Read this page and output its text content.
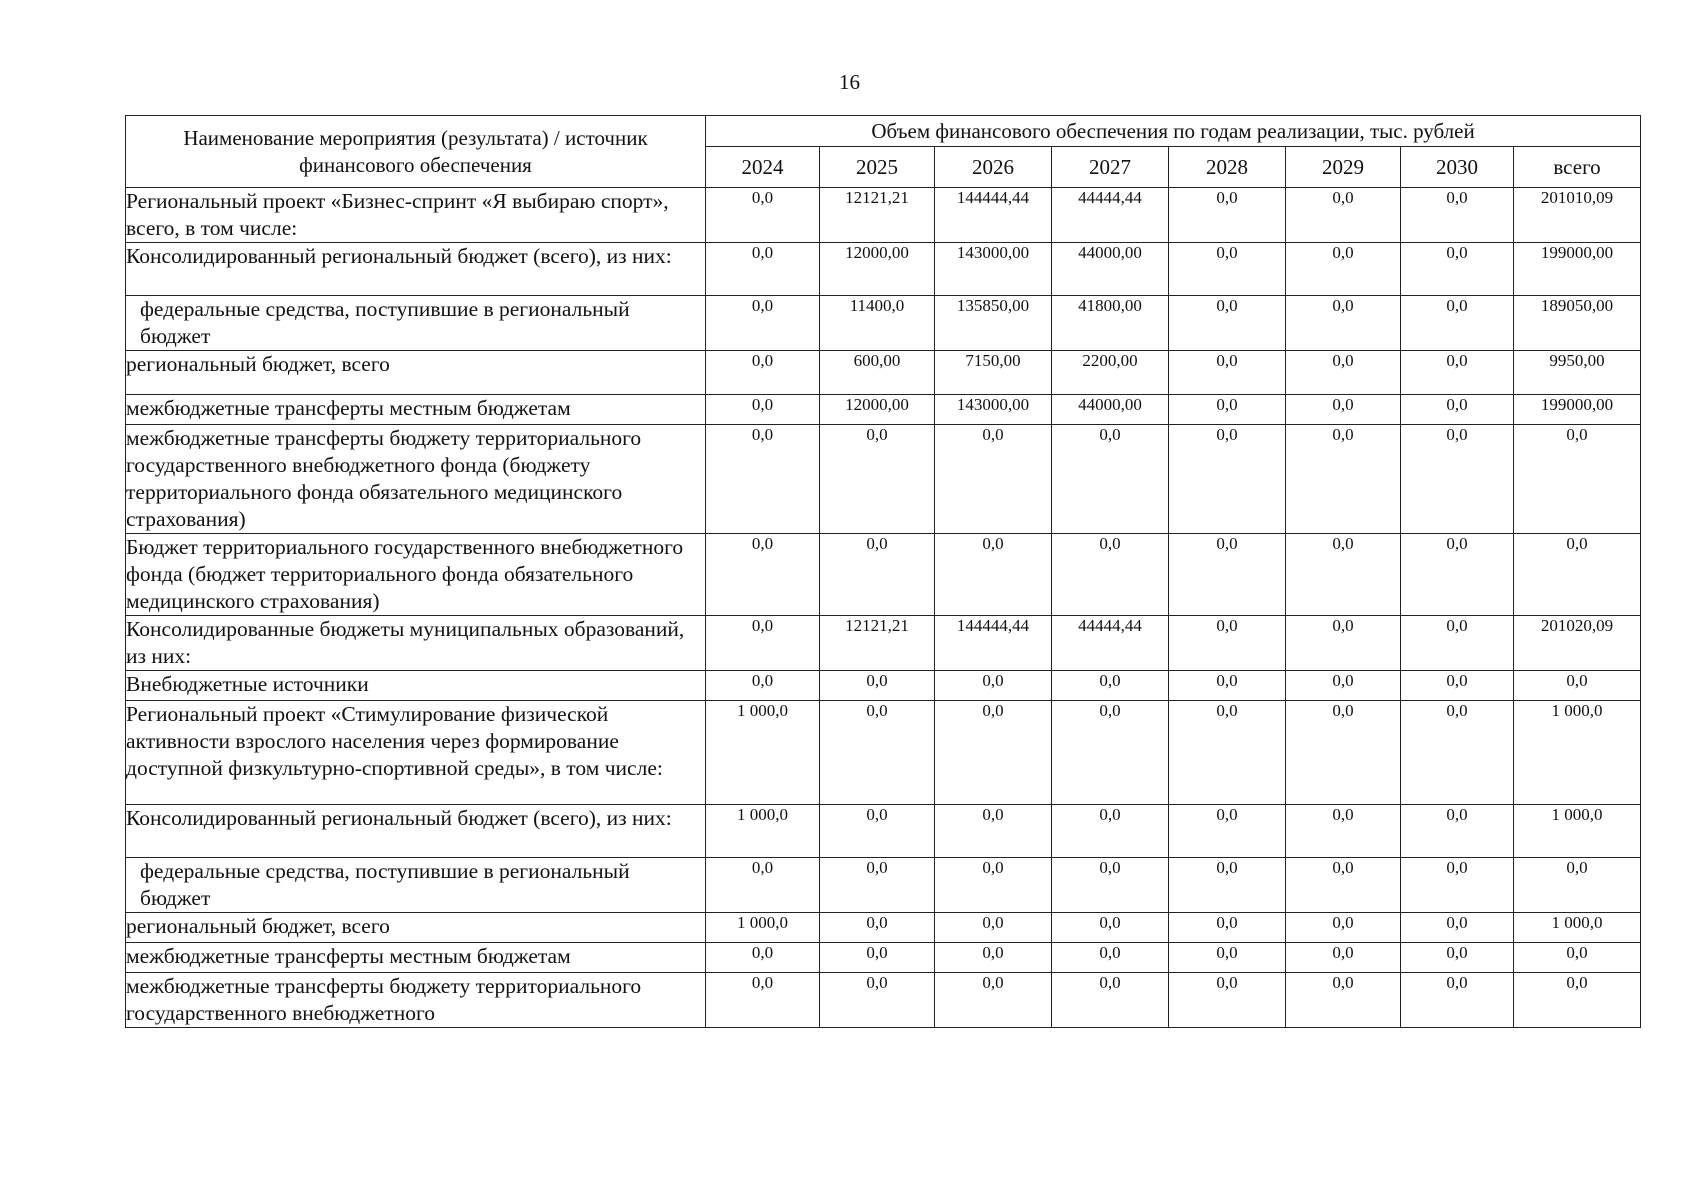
16
Наименование мероприятия (результата) / источник финансового обеспечения	Объем финансового обеспечения по годам реализации, тыс. рублей							
	2024	2025	2026	2027	2028	2029	2030	всего
Региональный проект «Бизнес-спринт «Я выбираю спорт», всего, в том числе:	0,0	12121,21	144444,44	44444,44	0,0	0,0	0,0	201010,09
Консолидированный региональный бюджет (всего), из них:	0,0	12000,00	143000,00	44000,00	0,0	0,0	0,0	199000,00
федеральные средства, поступившие в региональный бюджет	0,0	11400,0	135850,00	41800,00	0,0	0,0	0,0	189050,00
региональный бюджет, всего	0,0	600,00	7150,00	2200,00	0,0	0,0	0,0	9950,00
межбюджетные трансферты местным бюджетам	0,0	12000,00	143000,00	44000,00	0,0	0,0	0,0	199000,00
межбюджетные трансферты бюджету территориального государственного внебюджетного фонда (бюджету территориального фонда обязательного медицинского страхования)	0,0	0,0	0,0	0,0	0,0	0,0	0,0	0,0
Бюджет территориального государственного внебюджетного фонда (бюджет территориального фонда обязательного медицинского страхования)	0,0	0,0	0,0	0,0	0,0	0,0	0,0	0,0
Консолидированные бюджеты муниципальных образований, из них:	0,0	12121,21	144444,44	44444,44	0,0	0,0	0,0	201020,09
Внебюджетные источники	0,0	0,0	0,0	0,0	0,0	0,0	0,0	0,0
Региональный проект «Стимулирование физической активности взрослого населения через формирование доступной физкультурно-спортивной среды», в том числе:	1 000,0	0,0	0,0	0,0	0,0	0,0	0,0	1 000,0
Консолидированный региональный бюджет (всего), из них:	1 000,0	0,0	0,0	0,0	0,0	0,0	0,0	1 000,0
федеральные средства, поступившие в региональный бюджет	0,0	0,0	0,0	0,0	0,0	0,0	0,0	0,0
региональный бюджет, всего	1 000,0	0,0	0,0	0,0	0,0	0,0	0,0	1 000,0
межбюджетные трансферты местным бюджетам	0,0	0,0	0,0	0,0	0,0	0,0	0,0	0,0
межбюджетные трансферты бюджету территориального государственного внебюджетного	0,0	0,0	0,0	0,0	0,0	0,0	0,0	0,0
